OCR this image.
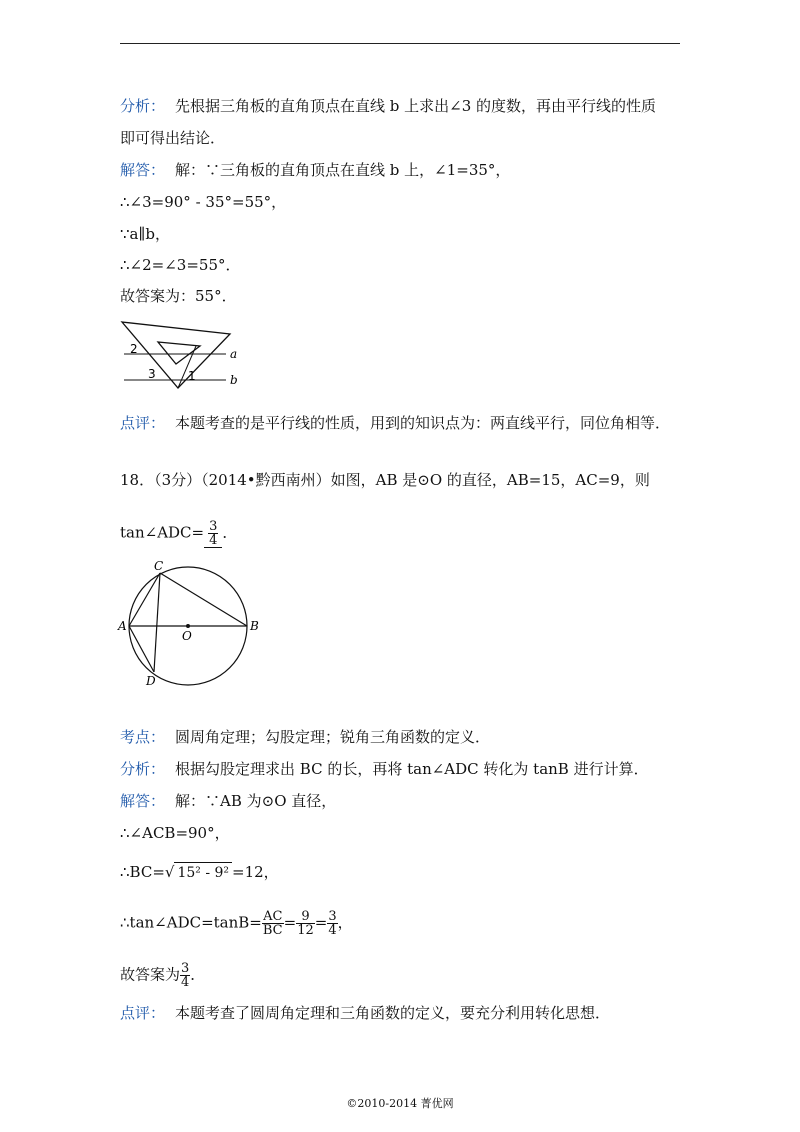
分析： 先根据三角板的直角顶点在直线 b 上求出∠3 的度数，再由平行线的性质
即可得出结论．
解答： 解：∵三角板的直角顶点在直线 b 上，∠1=35°，
∴∠3=90° - 35°=55°，
∵a∥b，
∴∠2=∠3=55°．
故答案为：55°．
2
3	1
a
b
点评： 本题考查的是平行线的性质，用到的知识点为：两直线平行，同位角相等．
18．（3分）（2014•黔西南州）如图，AB 是⊙O 的直径，AB=15，AC=9，则
tan∠ADC= $\frac{3}{4}$ ．
C
A
O
B
D
考点： 圆周角定理；勾股定理；锐角三角函数的定义．
分析： 根据勾股定理求出 BC 的长，再将 tan∠ADC 转化为 tanB 进行计算．
解答： 解：∵AB 为⊙O 直径，
∴∠ACB=90°，
∴BC=√ 15² - 9² =12，
∴tan∠ADC=tanB= $\frac{AC}{BC} = \frac{9}{12} = \frac{3}{4}$ ，
故答案为 $\frac{3}{4}$ ．
点评： 本题考查了圆周角定理和三角函数的定义，要充分利用转化思想．
©2010-2014 菁优网
